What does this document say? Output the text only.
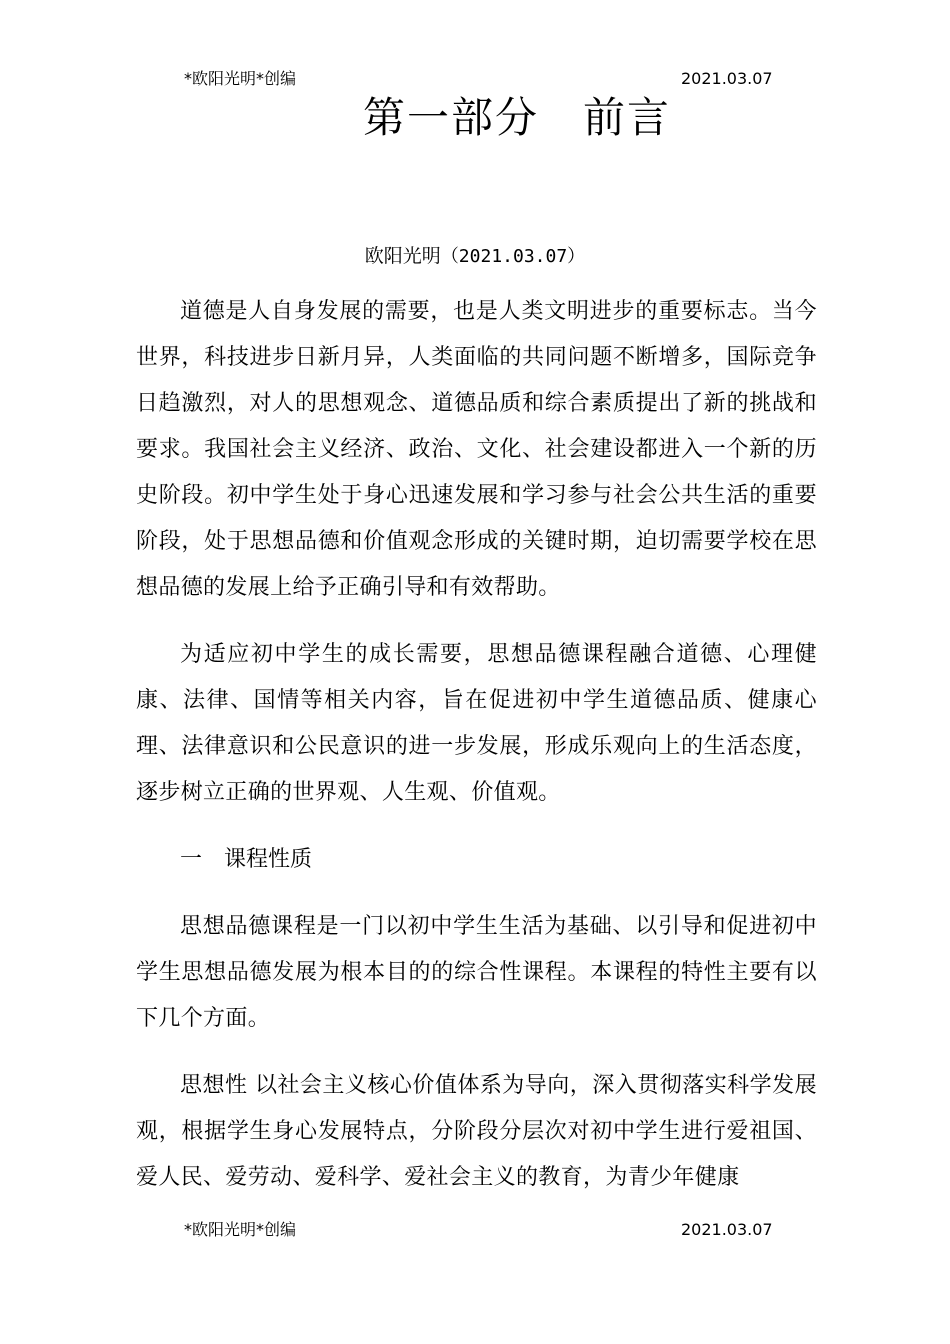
*欧阳光明*创编	2021.03.07
第一部分　前言
欧阳光明（2021.03.07）

道德是人自身发展的需要，也是人类文明进步的重要标志。当今世界，科技进步日新月异，人类面临的共同问题不断增多，国际竞争日趋激烈，对人的思想观念、道德品质和综合素质提出了新的挑战和要求。我国社会主义经济、政治、文化、社会建设都进入一个新的历史阶段。初中学生处于身心迅速发展和学习参与社会公共生活的重要阶段，处于思想品德和价值观念形成的关键时期，迫切需要学校在思想品德的发展上给予正确引导和有效帮助。

为适应初中学生的成长需要，思想品德课程融合道德、心理健康、法律、国情等相关内容，旨在促进初中学生道德品质、健康心理、法律意识和公民意识的进一步发展，形成乐观向上的生活态度，逐步树立正确的世界观、人生观、价值观。

一　课程性质

思想品德课程是一门以初中学生生活为基础、以引导和促进初中学生思想品德发展为根本目的的综合性课程。本课程的特性主要有以下几个方面。

思想性 以社会主义核心价值体系为导向，深入贯彻落实科学发展观，根据学生身心发展特点，分阶段分层次对初中学生进行爱祖国、爱人民、爱劳动、爱科学、爱社会主义的教育，为青少年健康

*欧阳光明*创编	2021.03.07
